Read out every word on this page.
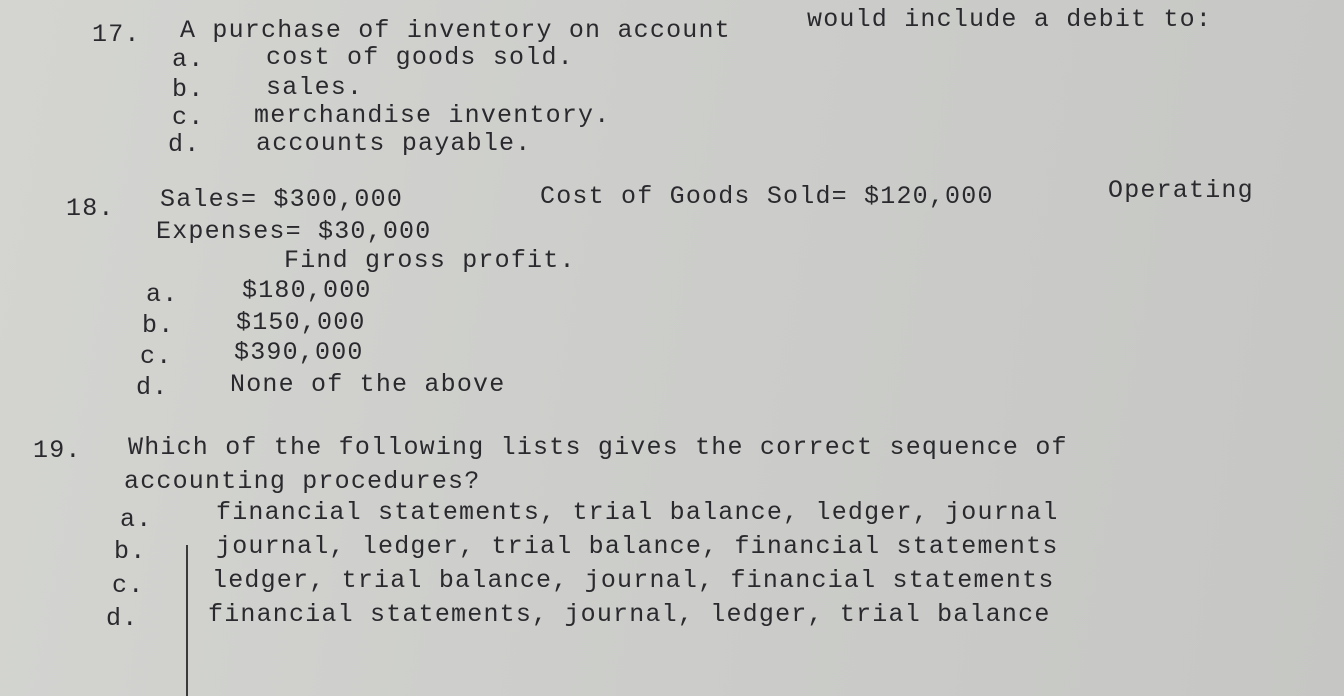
17. A purchase of inventory on account	would include a debit to:
a. cost of goods sold.
b. sales.
c. merchandise inventory.
d. accounts payable.
18. Sales= $300,000	Cost of Goods Sold= $120,000	Operating
Expenses= $30,000
Find gross profit.
a.	$180,000
b. $150,000
c. $390,000
d. None of the above
19. Which of the following lists gives the correct sequence of
accounting procedures?
a.	financial statements, trial balance, ledger, journal
b.	journal, ledger, trial balance, financial statements
c.	ledger, trial balance, journal, financial statements
d.	financial statements, journal, ledger, trial balance
